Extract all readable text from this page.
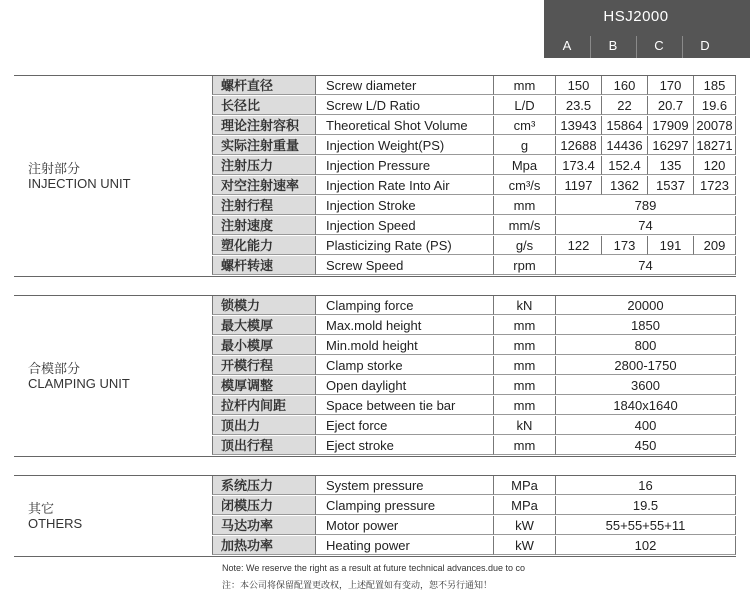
HSJ2000
A	B	C	D
注射部分
INJECTION UNIT
螺杆直径	Screw diameter	mm	150	160	170	185
长径比	Screw L/D Ratio	L/D	23.5	22	20.7	19.6
理论注射容积	Theoretical Shot Volume	cm³	13943 15864 17909 20078
实际注射重量	Injection Weight(PS)	g	12688 14436 16297 18271
注射压力	Injection Pressure	Mpa	173.4	152.4	135	120
对空注射速率	Injection Rate Into Air	cm³/s	1197	1362	1537	1723
注射行程	Injection Stroke	mm	789
注射速度	Injection Speed	mm/s	74
塑化能力	Plasticizing Rate (PS)	g/s	122	173	191	209
螺杆转速	Screw Speed	rpm	74
合模部分
CLAMPING UNIT
锁模力	Clamping force	kN	20000
最大模厚	Max.mold height	mm	1850
最小模厚	Min.mold height	mm	800
开模行程	Clamp storke	mm	2800-1750
模厚调整	Open daylight	mm	3600
拉杆内间距	Space between tie bar	mm	1840x1640
顶出力	Eject force	kN	400
顶出行程	Eject stroke	mm	450
其它
OTHERS
系统压力	System pressure	MPa	16
闭模压力	Clamping pressure	MPa	19.5
马达功率	Motor power	kW	55+55+55+11
加热功率	Heating power	kW	102
Note: We reserve the right as a result at future technical advances.due to co
注：本公司将保留配置更改权，上述配置如有变动，恕不另行通知！
